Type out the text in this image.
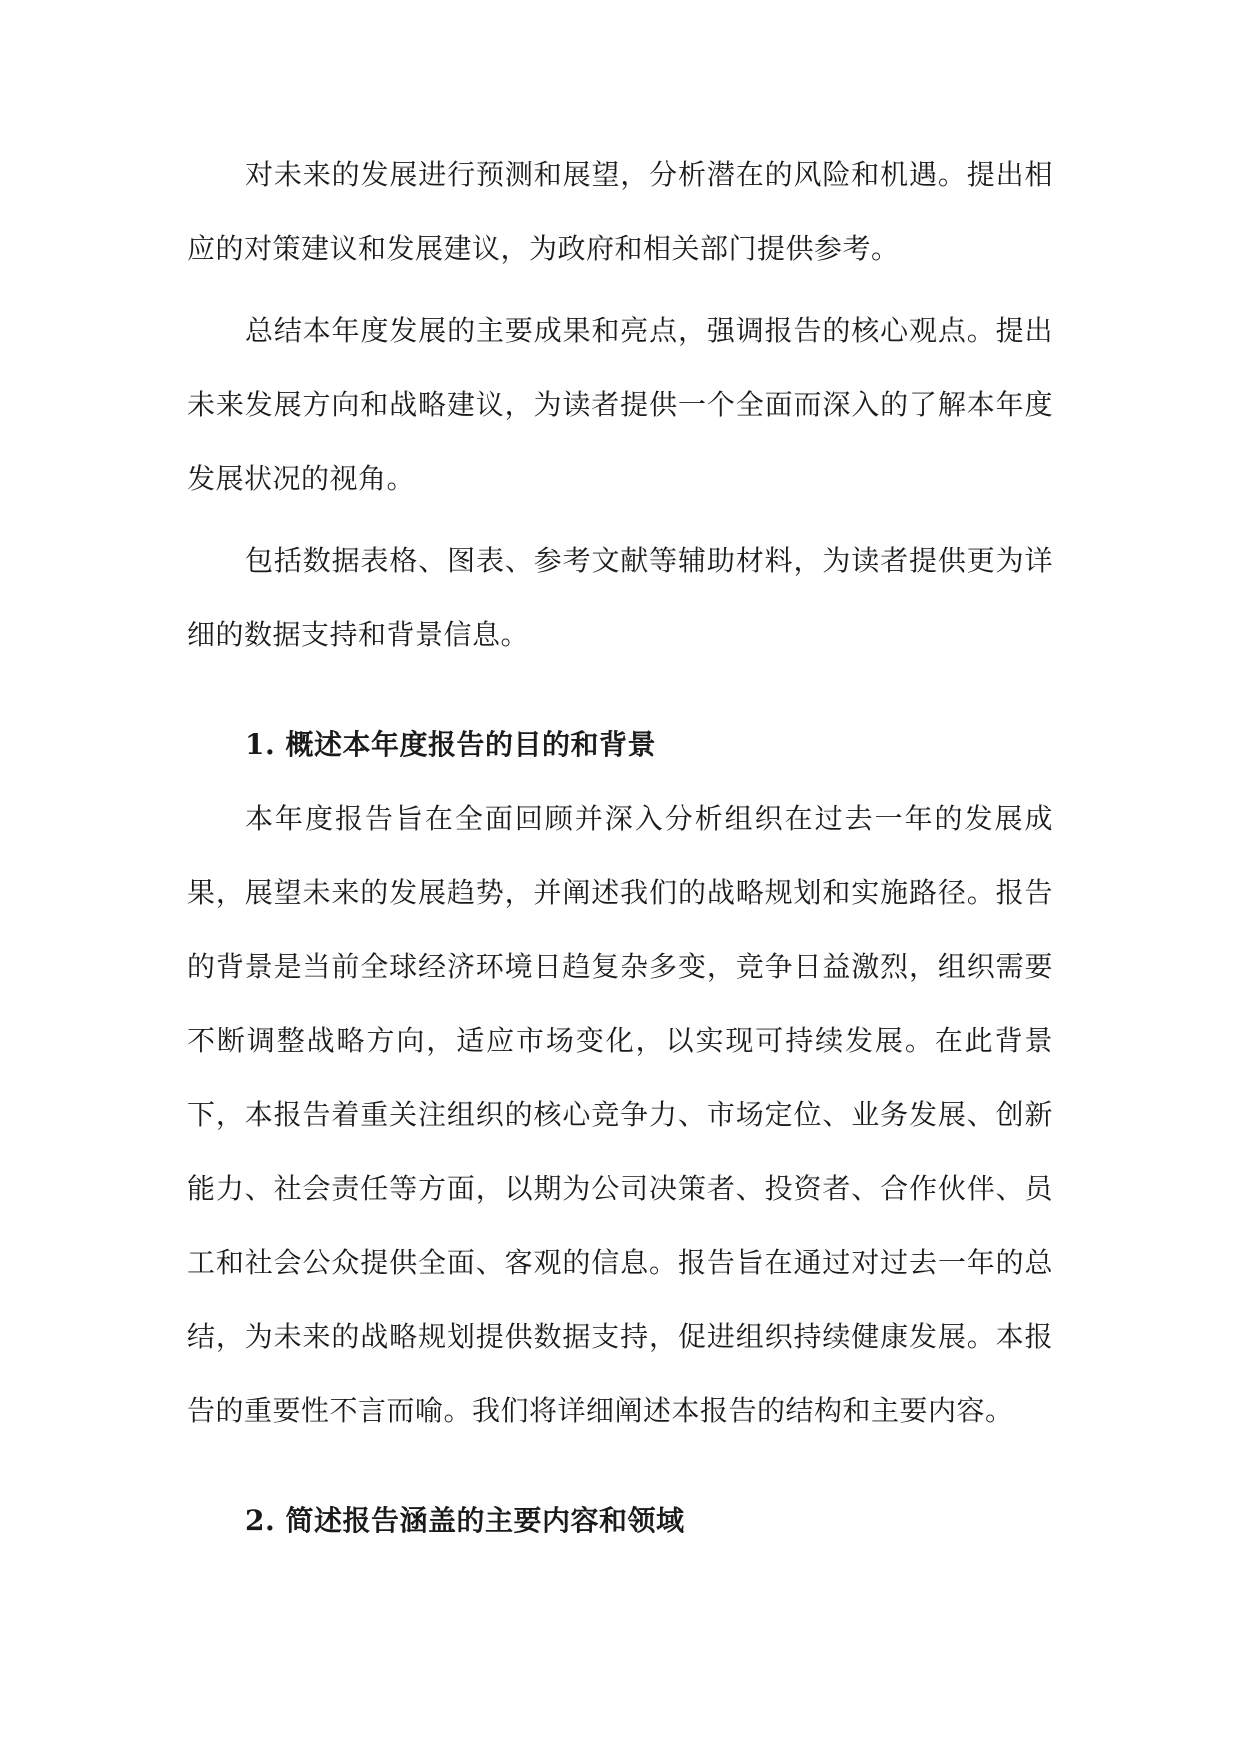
对未来的发展进行预测和展望，分析潜在的风险和机遇。提出相应的对策建议和发展建议，为政府和相关部门提供参考。

总结本年度发展的主要成果和亮点，强调报告的核心观点。提出未来发展方向和战略建议，为读者提供一个全面而深入的了解本年度发展状况的视角。

包括数据表格、图表、参考文献等辅助材料，为读者提供更为详细的数据支持和背景信息。

1. 概述本年度报告的目的和背景

本年度报告旨在全面回顾并深入分析组织在过去一年的发展成果，展望未来的发展趋势，并阐述我们的战略规划和实施路径。报告的背景是当前全球经济环境日趋复杂多变，竞争日益激烈，组织需要不断调整战略方向，适应市场变化，以实现可持续发展。在此背景下，本报告着重关注组织的核心竞争力、市场定位、业务发展、创新能力、社会责任等方面，以期为公司决策者、投资者、合作伙伴、员工和社会公众提供全面、客观的信息。报告旨在通过对过去一年的总结，为未来的战略规划提供数据支持，促进组织持续健康发展。本报告的重要性不言而喻。我们将详细阐述本报告的结构和主要内容。

2. 简述报告涵盖的主要内容和领域
